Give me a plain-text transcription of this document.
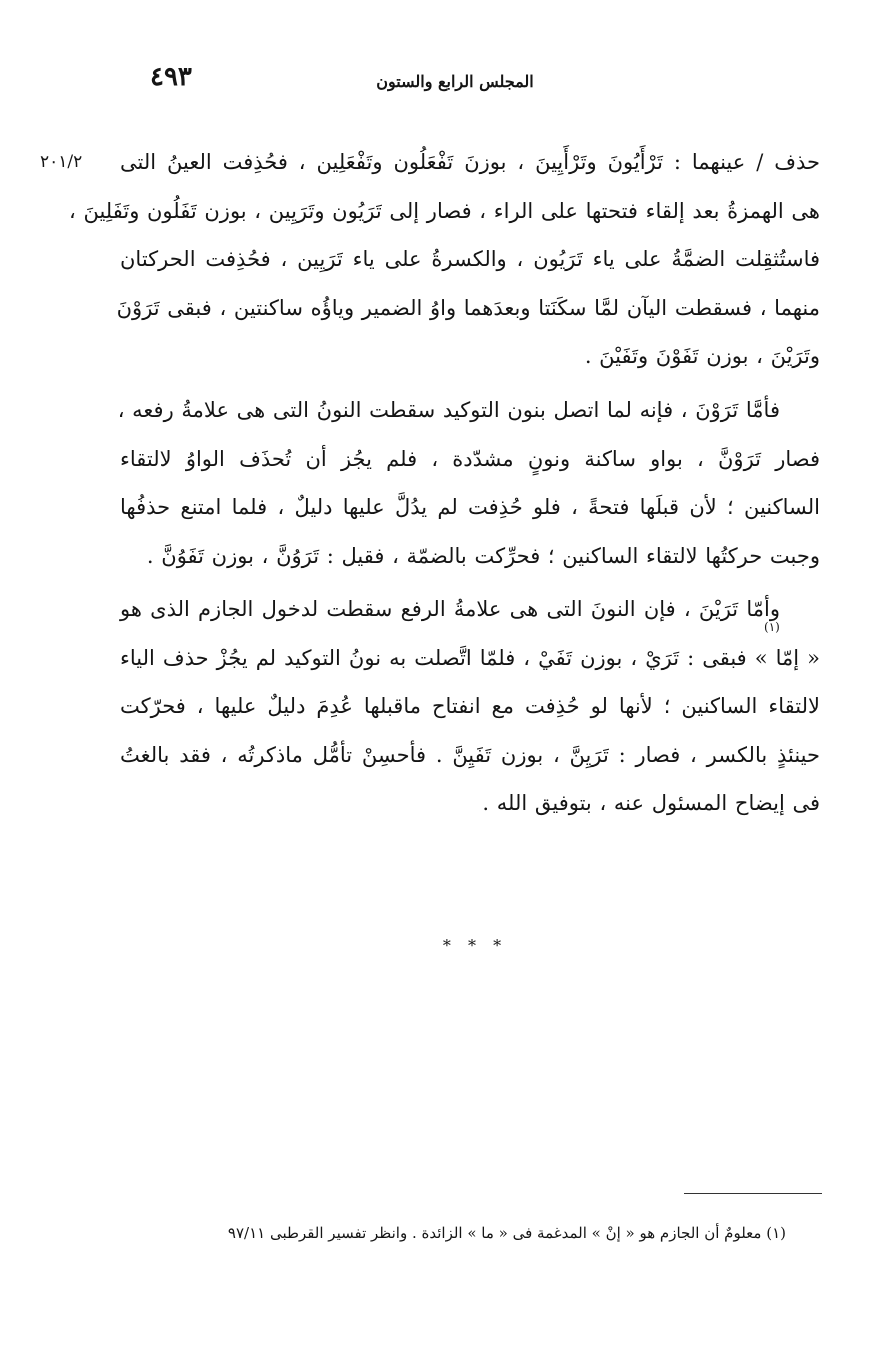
٤٩٣	المجلس الرابع والستون
٢٠١/٢ حذف / عينهما : تَرْأَيُونَ وتَرْأَيِينَ ، بوزنَ تَفْعَلُون وتَفْعَلِين ، فحُذِفت العينُ التى
هى الهمزةُ بعد إلقاء فتحتها على الراء ، فصار إلى تَرَيُون وتَرَيِين ، بوزن تَفَلُون وتَفَلِينَ ،
فاستُثقِلت الضمَّةُ على ياء تَرَيُون ، والكسرةُ على ياء تَرَيِين ، فحُذِفت الحركتان
منهما ، فسقطت اليآن لمَّا سكَنَتا وبعدَهما واوُ الضمير وياؤُه ساكنتين ، فبقى تَرَوْنَ
وتَرَيْنَ ، بوزن تَفَوْنَ وتَفَيْنَ .
فأمَّا تَرَوْنَ ، فإنه لما اتصل بنون التوكيد سقطت النونُ التى هى علامةُ رفعه ،
فصار تَرَوْنَّ ، بواو ساكنة ونونٍ مشدّدة ، فلم يجُز أن تُحذَف الواوُ لالتقاء
الساكنين ؛ لأن قبلَها فتحةً ، فلو حُذِفت لم يدُلَّ عليها دليلٌ ، فلما امتنع حذفُها
وجبت حركتُها لالتقاء الساكنين ؛ فحرِّكت بالضمّة ، فقيل : تَرَوُنَّ ، بوزن تَفَوُنَّ .
(١)
وأمّا تَرَيْنَ ، فإن النونَ التى هى علامةُ الرفع سقطت لدخول الجازم الذى هو
« إمّا » فبقى : تَرَيْ ، بوزن تَفَيْ ، فلمّا اتَّصلت به نونُ التوكيد لم يجُزْ حذف الياء
لالتقاء الساكنين ؛ لأنها لو حُذِفت مع انفتاح ماقبلها عُدِمَ دليلٌ عليها ، فحرّكت
حينئذٍ بالكسر ، فصار : تَرَيِنَّ ، بوزن تَفَيِنَّ . فأحسِنْ تأمُّل ماذكرتُه ، فقد بالغتُ
فى إيضاح المسئول عنه ، بتوفيق الله .
* * *
(١) معلومٌ أن الجازم هو « إنْ » المدغمة فى « ما » الزائدة . وانظر تفسير القرطبى ٩٧/١١
